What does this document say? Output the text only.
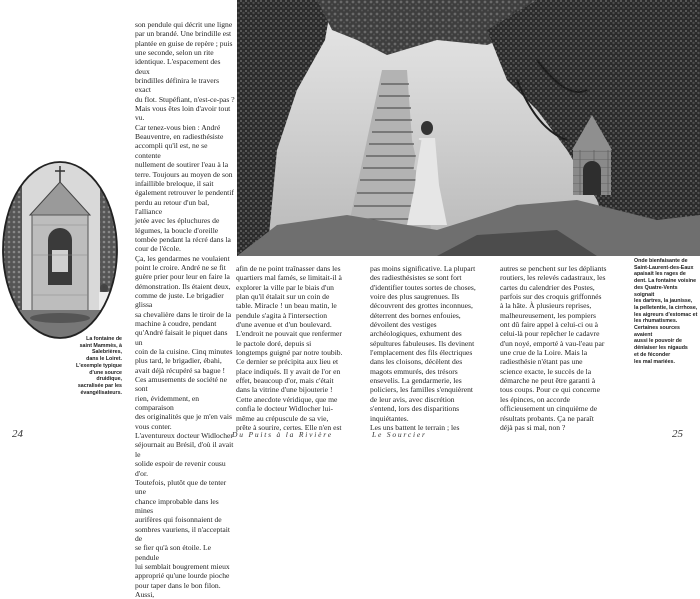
La fontaine de
saint Mammès, à
Salebrières,
dans le Loiret.
L'exemple typique
d'une source
druidique,
sacralisée par les
évangélisateurs.

son pendule qui décrit une ligne

par un brandé. Une brindille est

plantée en guise de repère ; puis

une seconde, selon un rite

identique. L'espacement des deux

brindilles définira le travers exact

du flot. Stupéfiant, n'est-ce-pas ?

Mais vous êtes loin d'avoir tout vu.

Car tenez-vous bien : André

Beauventre, en radiesthésiste

accompli qu'il est, ne se contente

nullement de soutirer l'eau à la

terre. Toujours au moyen de son

infaillible breloque, il sait

également retrouver le pendentif

perdu au retour d'un bal, l'alliance

jetée avec les épluchures de

légumes, la boucle d'oreille

tombée pendant la récré dans la

cour de l'école.

Ça, les gendarmes ne voulaient

point le croire. André ne se fit

guère prier pour leur en faire la

démonstration. Ils étaient deux,

comme de juste. Le brigadier glissa

sa chevalière dans le tiroir de la

machine à coudre, pendant

qu'André faisait le piquet dans un

coin de la cuisine. Cinq minutes

plus tard, le brigadier, ébahi,

avait déjà récupéré sa bague !

Ces amusements de société ne sont

rien, évidemment, en comparaison

des originalités que je m'en vais

vous conter.

L'aventureux docteur Widlocher

séjournait au Brésil, d'où il avait le

solide espoir de revenir cousu d'or.

Toutefois, plutôt que de tenter une

chance improbable dans les mines

aurifères qui foisonnaient de

sombres vauriens, il n'acceptait de

se fier qu'à son étoile. Le pendule

lui semblait bougrement mieux

approprié qu'une lourde pioche

pour taper dans le bon filon. Aussi,

afin de ne point traînasser dans les

quartiers mal famés, se limitait-il à

explorer la ville par le biais d'un

plan qu'il étalait sur un coin de

table. Miracle ! un beau matin, le

pendule s'agita à l'intersection

d'une avenue et d'un boulevard.

L'endroit ne pouvait que renfermer

le pactole doré, depuis si

longtemps guigné par notre toubib.

Ce dernier se précipita aux lieu et

place indiqués. Il y avait de l'or en

effet, beaucoup d'or, mais c'était

dans la vitrine d'une bijouterie !

Cette anecdote véridique, que me

confia le docteur Widlocher lui-

même au crépuscule de sa vie,

prête à sourire, certes. Elle n'en est

pas moins significative. La plupart

des radiesthésistes se sont fort

d'identifier toutes sortes de choses,

voire des plus saugrenues. Ils

découvrent des grottes inconnues,

déterrent des bornes enfouies,

dévoilent des vestiges

archéologiques, exhument des

sépultures fabuleuses. Ils devinent

l'emplacement des fils électriques

dans les cloisons, décèlent des

magots emmurés, des trésors

ensevelis. La gendarmerie, les

policiers, les familles s'enquièrent

de leur avis, avec discrétion

s'entend, lors des disparitions

inquiétantes.

Les uns battent le terrain ; les

autres se penchent sur les dépliants

routiers, les relevés cadastraux, les

cartes du calendrier des Postes,

parfois sur des croquis griffonnés

à la hâte. À plusieurs reprises,

malheureusement, les pompiers

ont dû faire appel à celui-ci ou à

celui-là pour repêcher le cadavre

d'un noyé, emporté à vau-l'eau par

une crue de la Loire. Mais la

radiesthésie n'étant pas une

science exacte, le succès de la

démarche ne peut être garanti à

tous coups. Pour ce qui concerne

les épinces, on accorde

officieusement un cinquième de

résultats probants. Ça ne paraît

déjà pas si mal, non ?

Onde bienfaisante de
Saint-Laurent-des-Eaux
apaisait les rages de
dent. La fontaine voisine
des Quatre-Vents soignait
les dartres, la jaunisse,
la pelletentie, la cirrhose,
les aigreurs d'estomac et
les rhumatismes.
Certaines sources avaient
aussi le pouvoir de
déniaiser les nigauds
et de féconder
les mal mariées.
24	Du Puits à la Rivière	Le Sourcier	25
